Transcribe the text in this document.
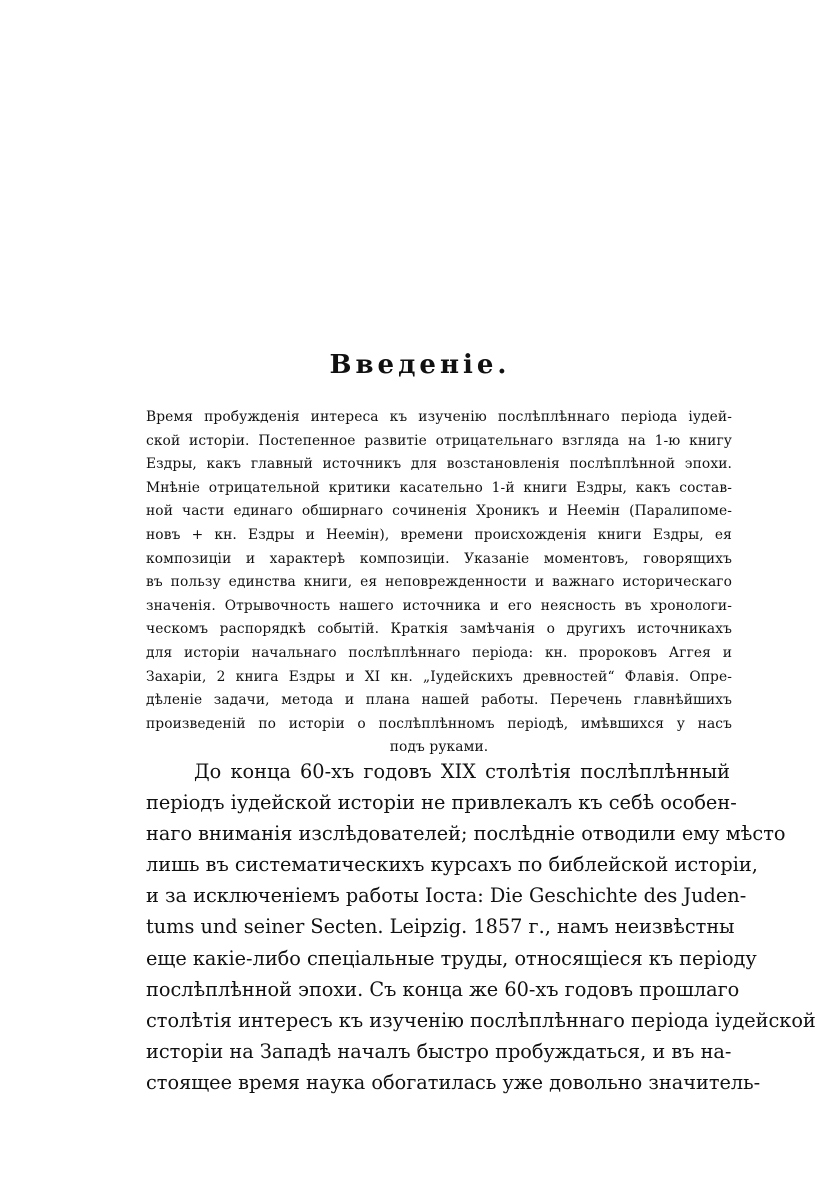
Введеніе.
Время пробужденія интереса къ изученію послѣплѣннаго періода іудей-
ской исторіи. Постепенное развитіе отрицательнаго взгляда на 1-ю книгу
Ездры, какъ главный источникъ для возстановленія послѣплѣнной эпохи.
Мнѣніе отрицательной критики касательно 1-й книги Ездры, какъ состав-
ной части единаго обширнаго сочиненія Хроникъ и Неемін (Паралипоме-
новъ + кн. Ездры и Неемін), времени происхожденія книги Ездры, ея
композиціи и характерѣ композиціи. Указаніе моментовъ, говорящихъ
въ пользу единства книги, ея неповрежденности и важнаго историческаго
значенія. Отрывочность нашего источника и его неясность въ хронологи-
ческомъ распорядкѣ событій. Краткія замѣчанія о другихъ источникахъ
для исторіи начальнаго послѣплѣннаго періода: кн. пророковъ Аггея и
Захаріи, 2 книга Ездры и XI кн. „Іудейскихъ древностей“ Флавія. Опре-
дѣленіе задачи, метода и плана нашей работы. Перечень главнѣйшихъ
произведеній по исторіи о послѣплѣнномъ періодѣ, имѣвшихся у насъ
подъ руками.
До конца 60-хъ годовъ XIX столѣтія послѣплѣнный
періодъ іудейской исторіи не привлекалъ къ себѣ особен-
наго вниманія изслѣдователей; послѣдніе отводили ему мѣсто
лишь въ систематическихъ курсахъ по библейской исторіи,
и за исключеніемъ работы Іоста: Die Geschichte des Juden-
tums und seiner Secten. Leipzig. 1857 г., намъ неизвѣстны
еще какіе-либо спеціальные труды, относящіеся къ періоду
послѣплѣнной эпохи. Съ конца же 60-хъ годовъ прошлаго
столѣтія интересъ къ изученію послѣплѣннаго періода іудейской
исторіи на Западѣ началъ быстро пробуждаться, и въ на-
стоящее время наука обогатилась уже довольно значитель-
